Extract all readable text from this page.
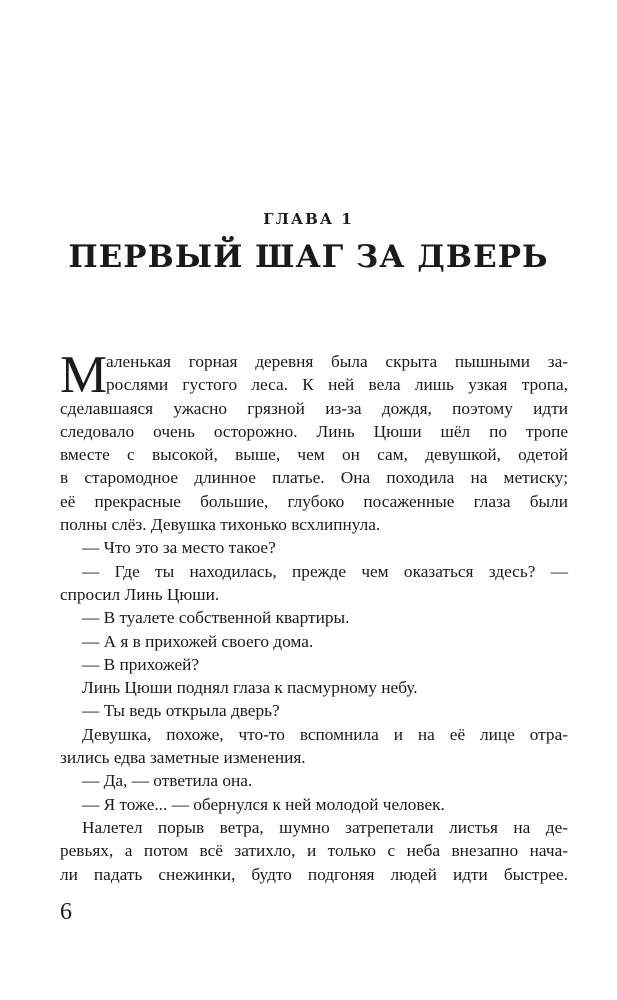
ГЛАВА 1
ПЕРВЫЙ ШАГ ЗА ДВЕРЬ
М
аленькая горная деревня была скрыта пышными за-
рослями густого леса. К ней вела лишь узкая тропа,
сделавшаяся ужасно грязной из-за дождя, поэтому идти
следовало очень осторожно. Линь Цюши шёл по тропе
вместе с высокой, выше, чем он сам, девушкой, одетой
в старомодное длинное платье. Она походила на метиску;
её прекрасные большие, глубоко посаженные глаза были
полны слёз. Девушка тихонько всхлипнула.
— Что это за место такое?
— Где ты находилась, прежде чем оказаться здесь? —
спросил Линь Цюши.
— В туалете собственной квартиры.
— А я в прихожей своего дома.
— В прихожей?
Линь Цюши поднял глаза к пасмурному небу.
— Ты ведь открыла дверь?
Девушка, похоже, что-то вспомнила и на её лице отра-
зились едва заметные изменения.
— Да, — ответила она.
— Я тоже... — обернулся к ней молодой человек.
Налетел порыв ветра, шумно затрепетали листья на де-
ревьях, а потом всё затихло, и только с неба внезапно нача-
ли падать снежинки, будто подгоняя людей идти быстрее.
6
